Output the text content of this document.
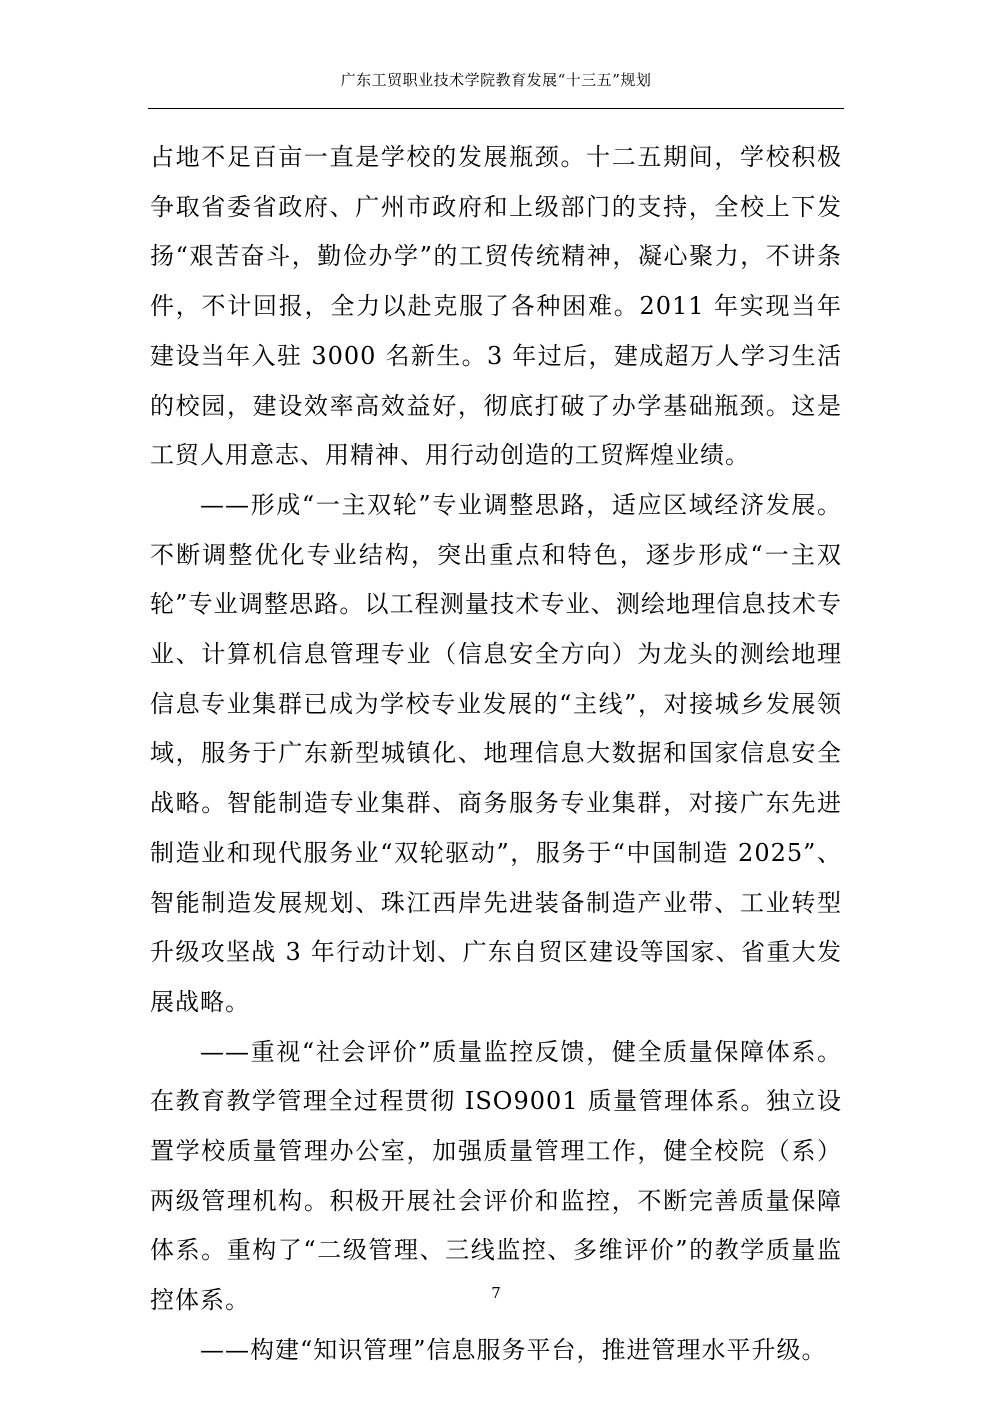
广东工贸职业技术学院教育发展“十三五”规划

占地不足百亩一直是学校的发展瓶颈。十二五期间，学校积极争取省委省政府、广州市政府和上级部门的支持，全校上下发扬“艰苦奋斗，勤俭办学”的工贸传统精神，凝心聚力，不讲条件，不计回报，全力以赴克服了各种困难。2011 年实现当年建设当年入驻 3000 名新生。3 年过后，建成超万人学习生活的校园，建设效率高效益好，彻底打破了办学基础瓶颈。这是工贸人用意志、用精神、用行动创造的工贸辉煌业绩。

——形成“一主双轮”专业调整思路，适应区域经济发展。不断调整优化专业结构，突出重点和特色，逐步形成“一主双轮”专业调整思路。以工程测量技术专业、测绘地理信息技术专业、计算机信息管理专业（信息安全方向）为龙头的测绘地理信息专业集群已成为学校专业发展的“主线”，对接城乡发展领域，服务于广东新型城镇化、地理信息大数据和国家信息安全战略。智能制造专业集群、商务服务专业集群，对接广东先进制造业和现代服务业“双轮驱动”，服务于“中国制造 2025”、智能制造发展规划、珠江西岸先进装备制造产业带、工业转型升级攻坚战 3 年行动计划、广东自贸区建设等国家、省重大发展战略。

——重视“社会评价”质量监控反馈，健全质量保障体系。在教育教学管理全过程贯彻 ISO9001 质量管理体系。独立设置学校质量管理办公室，加强质量管理工作，健全校院（系）两级管理机构。积极开展社会评价和监控，不断完善质量保障体系。重构了“二级管理、三线监控、多维评价”的教学质量监控体系。

——构建“知识管理”信息服务平台，推进管理水平升级。

7
